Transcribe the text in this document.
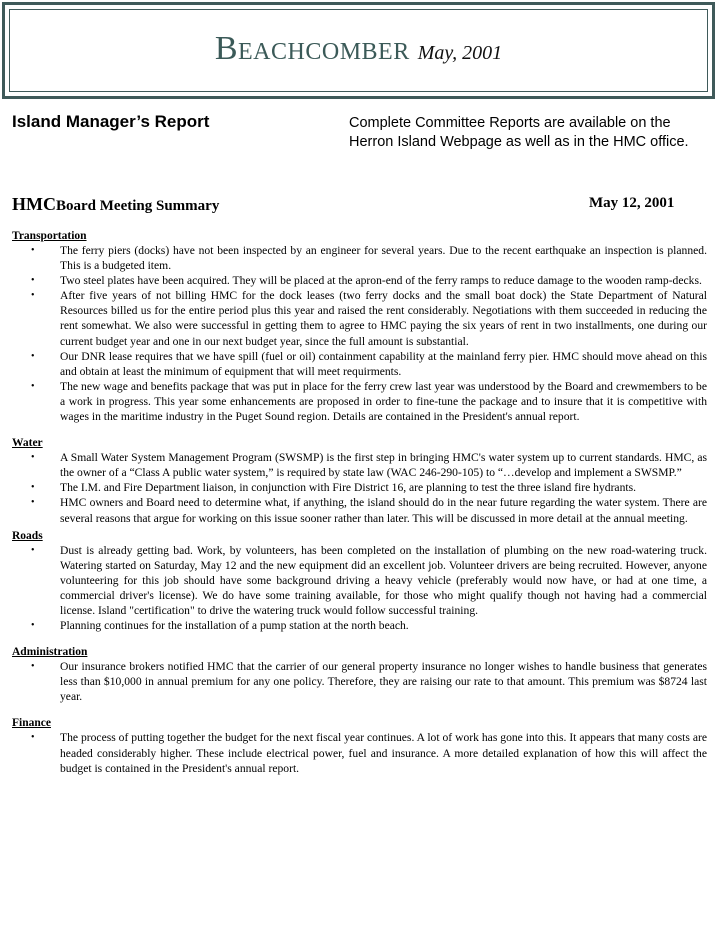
Beachcomber May, 2001
Island Manager’s Report	Complete Committee Reports are available on the Herron Island Webpage as well as in the HMC office.
HMCBoard Meeting Summary	May 12, 2001

Transportation

• The ferry piers (docks) have not been inspected by an engineer for several years. Due to the recent earthquake an inspection is planned. This is a budgeted item.
• Two steel plates have been acquired. They will be placed at the apron-end of the ferry ramps to reduce damage to the wooden ramp-decks.
• After five years of not billing HMC for the dock leases (two ferry docks and the small boat dock) the State Department of Natural Resources billed us for the entire period plus this year and raised the rent considerably. Negotiations with them succeeded in reducing the rent somewhat. We also were successful in getting them to agree to HMC paying the six years of rent in two installments, one during our current budget year and one in our next budget year, since the full amount is substantial.
• Our DNR lease requires that we have spill (fuel or oil) containment capability at the mainland ferry pier. HMC should move ahead on this and obtain at least the minimum of equipment that will meet requirments.
• The new wage and benefits package that was put in place for the ferry crew last year was understood by the Board and crewmembers to be a work in progress. This year some enhancements are proposed in order to fine-tune the package and to insure that it is competitive with wages in the maritime industry in the Puget Sound region. Details are contained in the President's annual report.

Water

• A Small Water System Management Program (SWSMP) is the first step in bringing HMC's water system up to current standards. HMC, as the owner of a “Class A public water system,” is required by state law (WAC 246-290-105) to “…develop and implement a SWSMP.”
• The I.M. and Fire Department liaison, in conjunction with Fire District 16, are planning to test the three island fire hydrants.
• HMC owners and Board need to determine what, if anything, the island should do in the near future regarding the water system. There are several reasons that argue for working on this issue sooner rather than later. This will be discussed in more detail at the annual meeting.

Roads

• Dust is already getting bad. Work, by volunteers, has been completed on the installation of plumbing on the new road-watering truck. Watering started on Saturday, May 12 and the new equipment did an excellent job. Volunteer drivers are being recruited. However, anyone volunteering for this job should have some background driving a heavy vehicle (preferably would now have, or had at one time, a commercial driver's license). We do have some training available, for those who might qualify though not having had a commercial license. Island "certification" to drive the watering truck would follow successful training.
• Planning continues for the installation of a pump station at the north beach.

Administration

• Our insurance brokers notified HMC that the carrier of our general property insurance no longer wishes to handle business that generates less than $10,000 in annual premium for any one policy. Therefore, they are raising our rate to that amount. This premium was $8724 last year.

Finance

• The process of putting together the budget for the next fiscal year continues. A lot of work has gone into this. It appears that many costs are headed considerably higher. These include electrical power, fuel and insurance. A more detailed explanation of how this will affect the budget is contained in the President's annual report.
